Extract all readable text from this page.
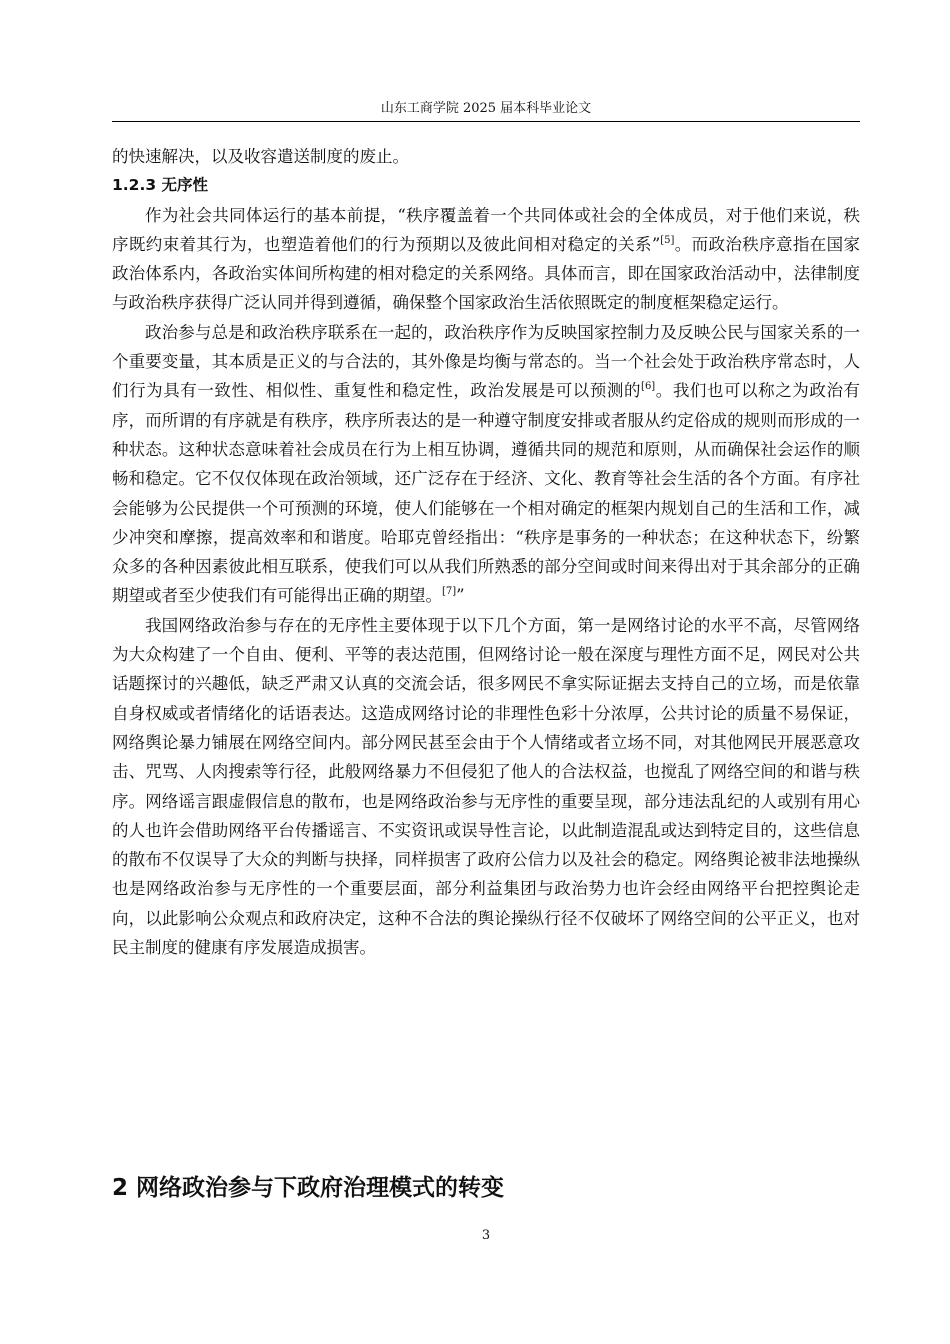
山东工商学院 2025 届本科毕业论文

的快速解决，以及收容遣送制度的废止。

1.2.3 无序性

作为社会共同体运行的基本前提，“秩序覆盖着一个共同体或社会的全体成员，对于他们来说，秩序既约束着其行为，也塑造着他们的行为预期以及彼此间相对稳定的关系”[5]。而政治秩序意指在国家政治体系内，各政治实体间所构建的相对稳定的关系网络。具体而言，即在国家政治活动中，法律制度与政治秩序获得广泛认同并得到遵循，确保整个国家政治生活依照既定的制度框架稳定运行。

政治参与总是和政治秩序联系在一起的，政治秩序作为反映国家控制力及反映公民与国家关系的一个重要变量，其本质是正义的与合法的，其外像是均衡与常态的。当一个社会处于政治秩序常态时，人们行为具有一致性、相似性、重复性和稳定性，政治发展是可以预测的[6]。我们也可以称之为政治有序，而所谓的有序就是有秩序，秩序所表达的是一种遵守制度安排或者服从约定俗成的规则而形成的一种状态。这种状态意味着社会成员在行为上相互协调，遵循共同的规范和原则，从而确保社会运作的顺畅和稳定。它不仅仅体现在政治领域，还广泛存在于经济、文化、教育等社会生活的各个方面。有序社会能够为公民提供一个可预测的环境，使人们能够在一个相对确定的框架内规划自己的生活和工作，减少冲突和摩擦，提高效率和和谐度。哈耶克曾经指出：“秩序是事务的一种状态；在这种状态下，纷繁众多的各种因素彼此相互联系，使我们可以从我们所熟悉的部分空间或时间来得出对于其余部分的正确期望或者至少使我们有可能得出正确的期望。[7]”

我国网络政治参与存在的无序性主要体现于以下几个方面，第一是网络讨论的水平不高，尽管网络为大众构建了一个自由、便利、平等的表达范围，但网络讨论一般在深度与理性方面不足，网民对公共话题探讨的兴趣低，缺乏严肃又认真的交流会话，很多网民不拿实际证据去支持自己的立场，而是依靠自身权威或者情绪化的话语表达。这造成网络讨论的非理性色彩十分浓厚，公共讨论的质量不易保证，网络舆论暴力铺展在网络空间内。部分网民甚至会由于个人情绪或者立场不同，对其他网民开展恶意攻击、咒骂、人肉搜索等行径，此般网络暴力不但侵犯了他人的合法权益，也搅乱了网络空间的和谐与秩序。网络谣言跟虚假信息的散布，也是网络政治参与无序性的重要呈现，部分违法乱纪的人或别有用心的人也许会借助网络平台传播谣言、不实资讯或误导性言论，以此制造混乱或达到特定目的，这些信息的散布不仅误导了大众的判断与抉择，同样损害了政府公信力以及社会的稳定。网络舆论被非法地操纵也是网络政治参与无序性的一个重要层面，部分利益集团与政治势力也许会经由网络平台把控舆论走向，以此影响公众观点和政府决定，这种不合法的舆论操纵行径不仅破坏了网络空间的公平正义，也对民主制度的健康有序发展造成损害。

2 网络政治参与下政府治理模式的转变
3
